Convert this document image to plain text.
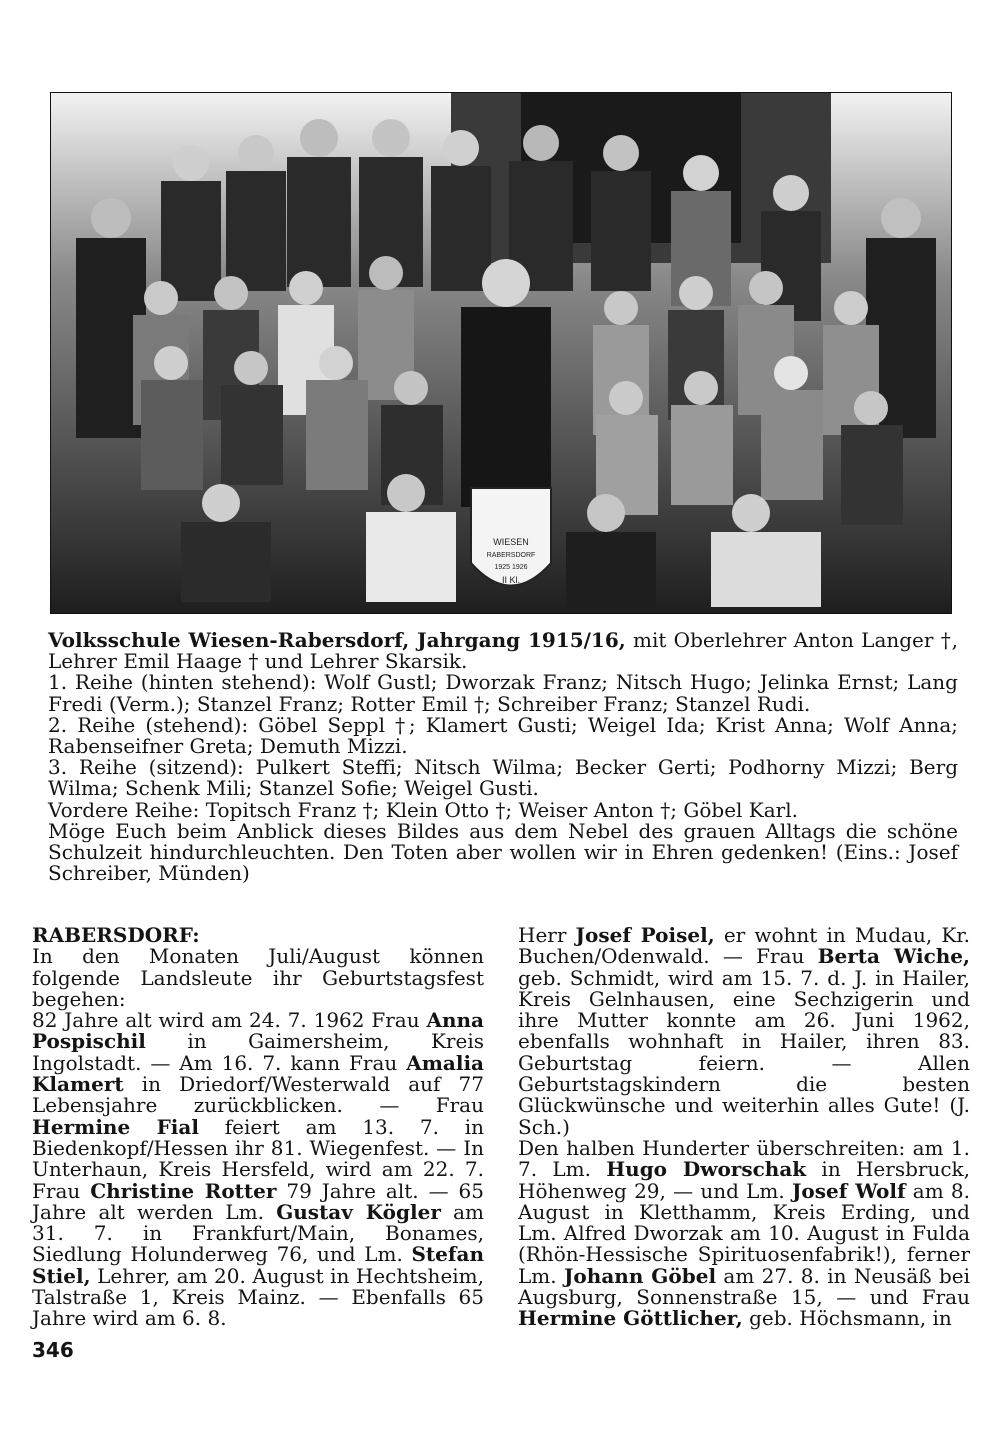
WIESEN
RABERSDORF
1925 1926
II Kl.

Volksschule Wiesen-Rabersdorf, Jahrgang 1915/16, mit Oberlehrer Anton Langer †, Lehrer Emil Haage † und Lehrer Skarsik.

1. Reihe (hinten stehend): Wolf Gustl; Dworzak Franz; Nitsch Hugo; Jelinka Ernst; Lang Fredi (Verm.); Stanzel Franz; Rotter Emil †; Schreiber Franz; Stanzel Rudi.

2. Reihe (stehend): Göbel Seppl †; Klamert Gusti; Weigel Ida; Krist Anna; Wolf Anna; Rabenseifner Greta; Demuth Mizzi.

3. Reihe (sitzend): Pulkert Steffi; Nitsch Wilma; Becker Gerti; Podhorny Mizzi; Berg Wilma; Schenk Mili; Stanzel Sofie; Weigel Gusti.

Vordere Reihe: Topitsch Franz †; Klein Otto †; Weiser Anton †; Göbel Karl.

Möge Euch beim Anblick dieses Bildes aus dem Nebel des grauen Alltags die schöne Schulzeit hindurchleuchten. Den Toten aber wollen wir in Ehren gedenken! (Eins.: Josef Schreiber, Münden)

RABERSDORF:

In den Monaten Juli/August können folgende Landsleute ihr Geburtstagsfest begehen:

82 Jahre alt wird am 24. 7. 1962 Frau Anna Pospischil in Gaimersheim, Kreis Ingolstadt. — Am 16. 7. kann Frau Amalia Klamert in Driedorf/Westerwald auf 77 Lebensjahre zurückblicken. — Frau Hermine Fial feiert am 13. 7. in Biedenkopf/Hessen ihr 81. Wiegenfest. — In Unterhaun, Kreis Hersfeld, wird am 22. 7. Frau Christine Rotter 79 Jahre alt. — 65 Jahre alt werden Lm. Gustav Kögler am 31. 7. in Frankfurt/Main, Bonames, Siedlung Holunderweg 76, und Lm. Stefan Stiel, Lehrer, am 20. August in Hechtsheim, Talstraße 1, Kreis Mainz. — Ebenfalls 65 Jahre wird am 6. 8.

Herr Josef Poisel, er wohnt in Mudau, Kr. Buchen/Odenwald. — Frau Berta Wiche, geb. Schmidt, wird am 15. 7. d. J. in Hailer, Kreis Gelnhausen, eine Sechzigerin und ihre Mutter konnte am 26. Juni 1962, ebenfalls wohnhaft in Hailer, ihren 83. Geburtstag feiern. — Allen Geburtstagskindern die besten Glückwünsche und weiterhin alles Gute! (J. Sch.)

Den halben Hunderter überschreiten: am 1. 7. Lm. Hugo Dworschak in Hersbruck, Höhenweg 29, — und Lm. Josef Wolf am 8. August in Kletthamm, Kreis Erding, und Lm. Alfred Dworzak am 10. August in Fulda (Rhön-Hessische Spirituosenfabrik!), ferner Lm. Johann Göbel am 27. 8. in Neusäß bei Augsburg, Sonnenstraße 15, — und Frau Hermine Göttlicher, geb. Höchsmann, in

346
